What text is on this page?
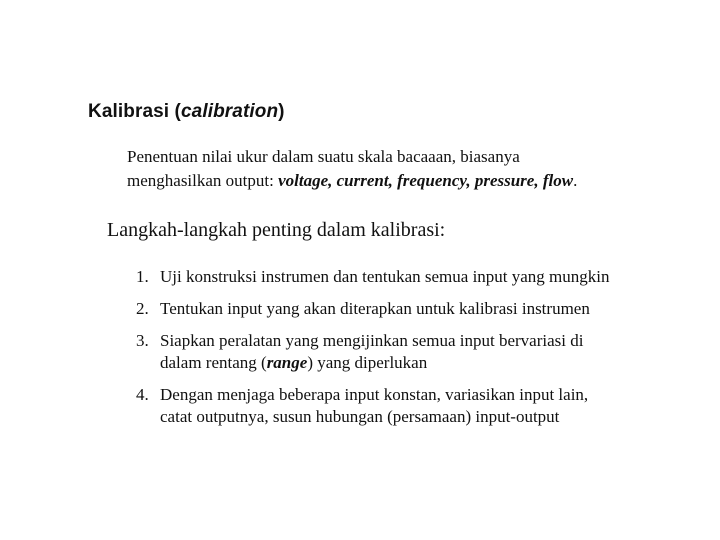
Kalibrasi (calibration)
Penentuan nilai ukur dalam suatu skala bacaaan, biasanya
menghasilkan output: voltage, current, frequency, pressure, flow.
Langkah-langkah penting dalam kalibrasi:
1. Uji konstruksi instrumen dan tentukan semua input yang mungkin
2. Tentukan input yang akan diterapkan untuk kalibrasi instrumen
3. Siapkan peralatan yang mengijinkan semua input bervariasi di
dalam rentang (range) yang diperlukan
4. Dengan menjaga beberapa input konstan, variasikan input lain,
catat outputnya, susun hubungan (persamaan) input-output
